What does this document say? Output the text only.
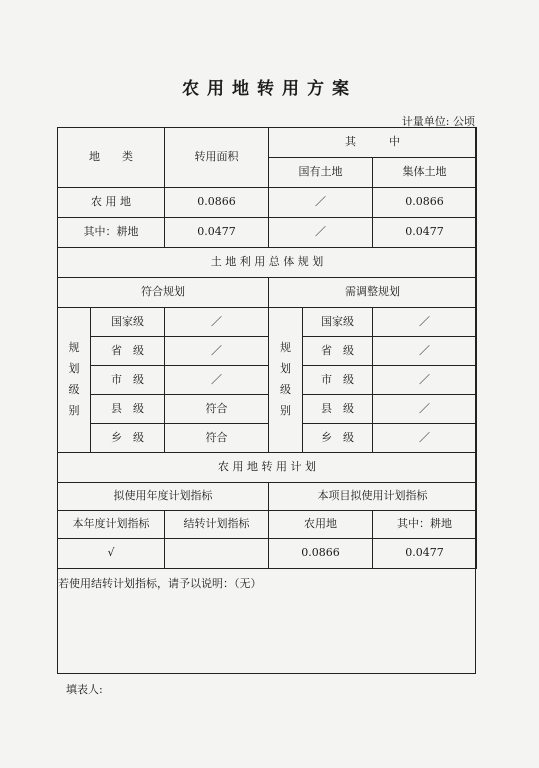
农用地转用方案
计量单位: 公顷
地　　类		转用面积	其　　　中		
			国有土地		集体土地
农 用 地		0.0866	／		0.0866
其中：耕地		0.0477	／		0.0477
土 地 利 用 总 体 规 划					
符合规划			需调整规划		
规划级别	国家级	／	规划级别	国家级	／
	省　级	／		省　级	／
	市　级	／		市　级	／
	县　级	符合		县　级	／
	乡　级	符合		乡　级	／
农 用 地 转 用 计 划					
拟使用年度计划指标			本项目拟使用计划指标		
本年度计划指标		结转计划指标	农用地		其中：耕地
√			0.0866		0.0477
若使用结转计划指标，请予以说明：（无）
填表人:
